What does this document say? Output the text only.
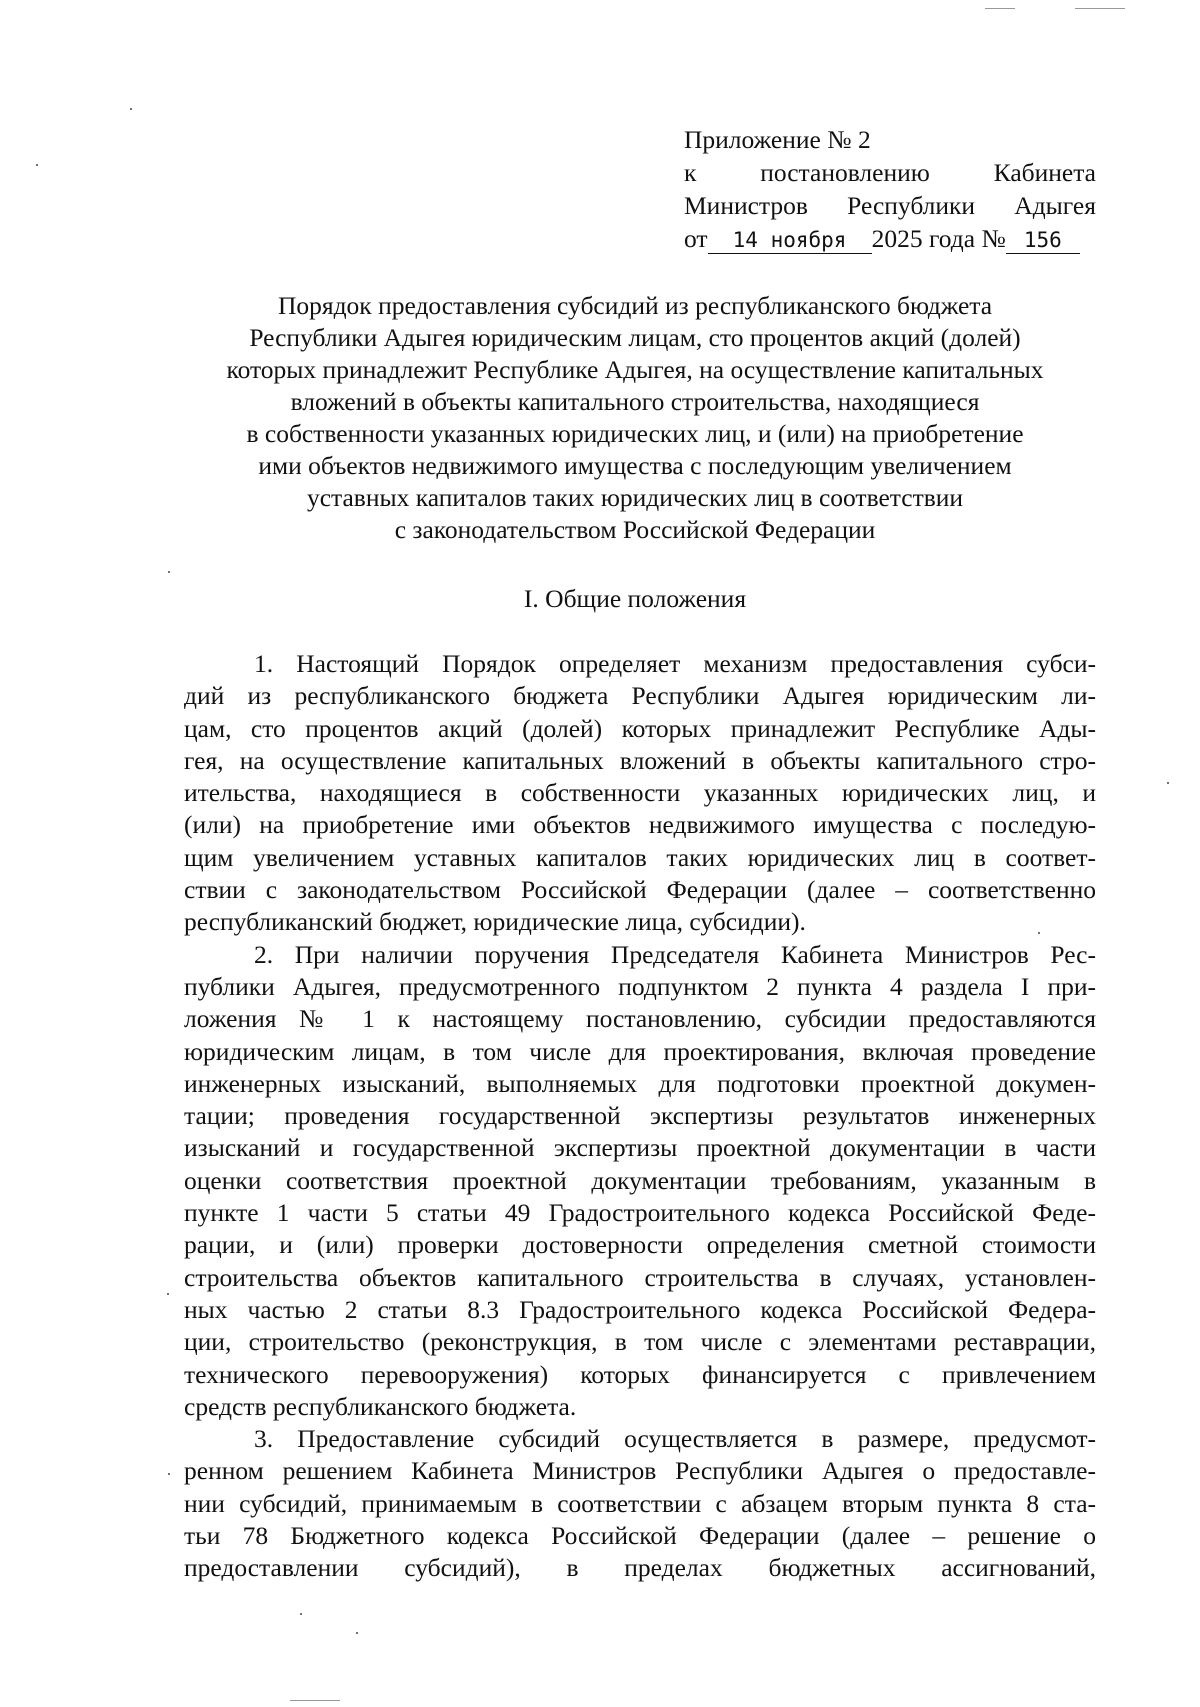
Приложение № 2
к	постановлению	Кабинета
Министров Республики Адыгея
от 14 ноября 2025 года № 156
Порядок предоставления субсидий из республиканского бюджета
Республики Адыгея юридическим лицам, сто процентов акций (долей)
которых принадлежит Республике Адыгея, на осуществление капитальных
вложений в объекты капитального строительства, находящиеся
в собственности указанных юридических лиц, и (или) на приобретение
ими объектов недвижимого имущества с последующим увеличением
уставных капиталов таких юридических лиц в соответствии
с законодательством Российской Федерации
I. Общие положения
1. Настоящий Порядок определяет механизм предоставления субси-
дий из республиканского бюджета Республики Адыгея юридическим ли-
цам, сто процентов акций (долей) которых принадлежит Республике Ады-
гея, на осуществление капитальных вложений в объекты капитального стро-
ительства, находящиеся в собственности указанных юридических лиц, и
(или) на приобретение ими объектов недвижимого имущества с последую-
щим увеличением уставных капиталов таких юридических лиц в соответ-
ствии с законодательством Российской Федерации (далее – соответственно
республиканский бюджет, юридические лица, субсидии).
2. При наличии поручения Председателя Кабинета Министров Рес-
публики Адыгея, предусмотренного подпунктом 2 пункта 4 раздела I при-
ложения № 1 к настоящему постановлению, субсидии предоставляются
юридическим лицам, в том числе для проектирования, включая проведение
инженерных изысканий, выполняемых для подготовки проектной докумен-
тации; проведения государственной экспертизы результатов инженерных
изысканий и государственной экспертизы проектной документации в части
оценки соответствия проектной документации требованиям, указанным в
пункте 1 части 5 статьи 49 Градостроительного кодекса Российской Феде-
рации, и (или) проверки достоверности определения сметной стоимости
строительства объектов капитального строительства в случаях, установлен-
ных частью 2 статьи 8.3 Градостроительного кодекса Российской Федера-
ции, строительство (реконструкция, в том числе с элементами реставрации,
технического перевооружения) которых финансируется с привлечением
средств республиканского бюджета.
3. Предоставление субсидий осуществляется в размере, предусмот-
ренном решением Кабинета Министров Республики Адыгея о предоставле-
нии субсидий, принимаемым в соответствии с абзацем вторым пункта 8 ста-
тьи 78 Бюджетного кодекса Российской Федерации (далее – решение о
предоставлении субсидий), в пределах бюджетных ассигнований,
